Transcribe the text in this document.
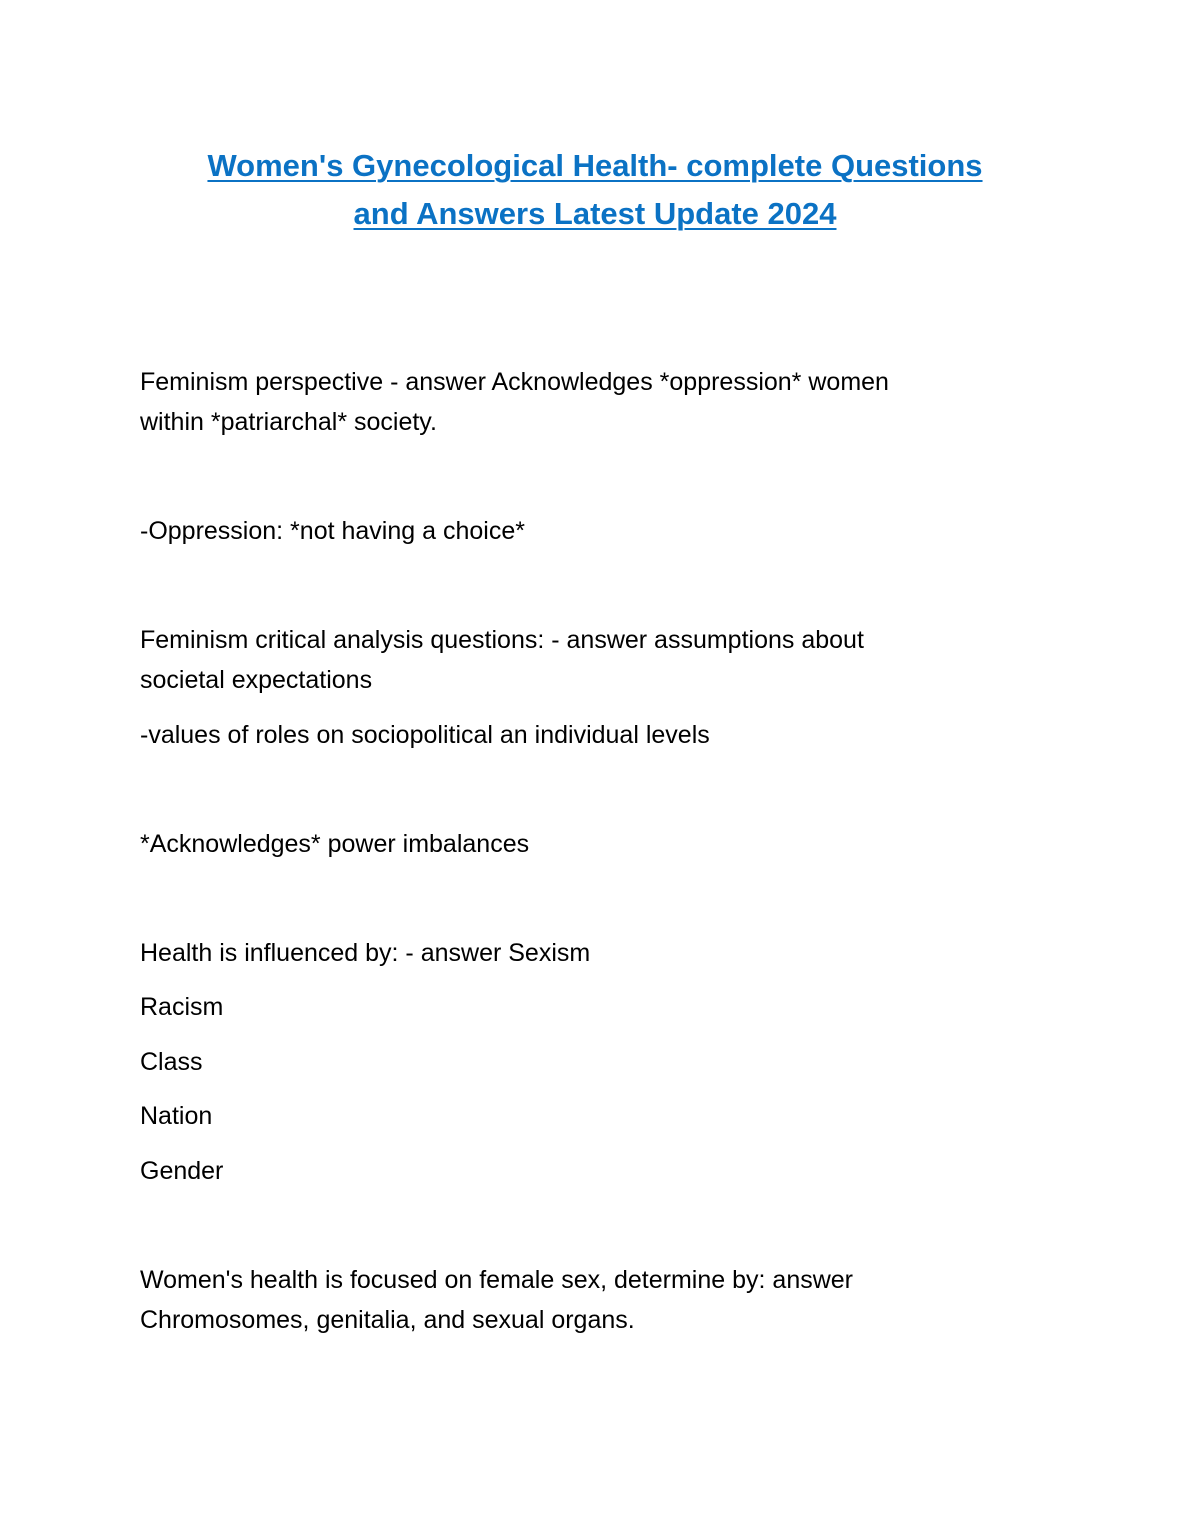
Women's Gynecological Health- complete Questions
and Answers Latest Update 2024
Feminism perspective - answer Acknowledges *oppression* women
within *patriarchal* society.
-Oppression: *not having a choice*
Feminism critical analysis questions: - answer assumptions about
societal expectations
-values of roles on sociopolitical an individual levels
*Acknowledges* power imbalances
Health is influenced by: - answer Sexism
Racism
Class
Nation
Gender
Women's health is focused on female sex, determine by: answer
Chromosomes, genitalia, and sexual organs.
